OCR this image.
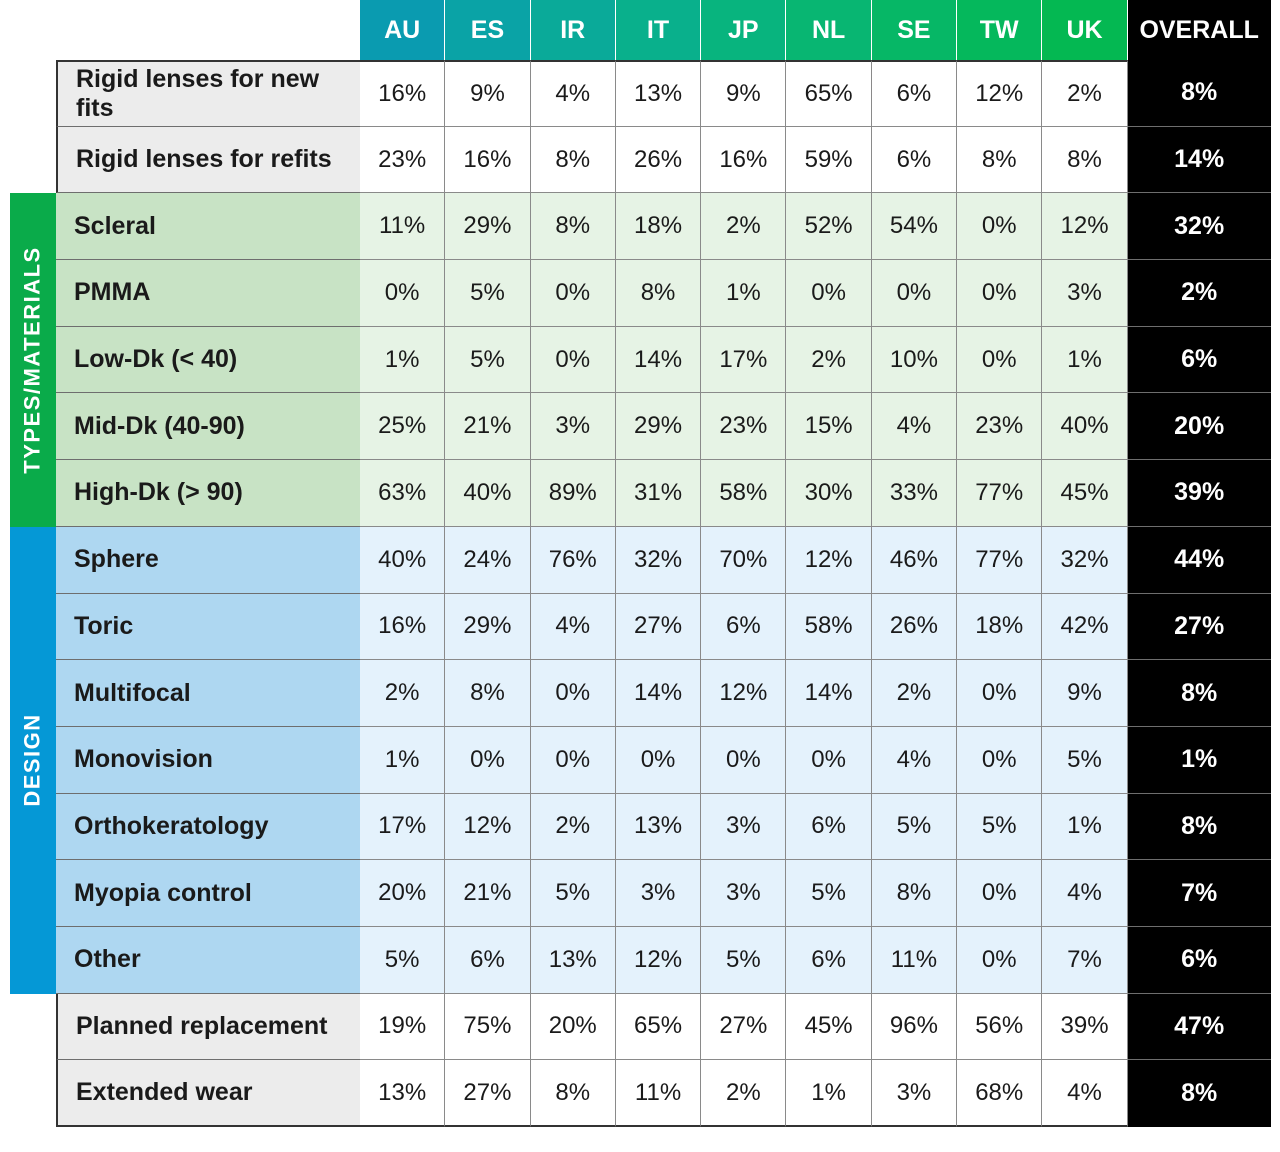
AU	ES	IR	IT	JP	NL	SE	TW	UK	OVERALL
TYPES/MATERIALS
DESIGN
Rigid lenses for new fits
16%	9%	4%	13%	9%	65%	6%	12%	2%	8%
Rigid lenses for refits	23%	16%	8%	26%	16%	59%	6%	8%	8%	14%
Scleral	11%	29%	8%	18%	2%	52%	54%	0%	12%	32%
PMMA	0%	5%	0%	8%	1%	0%	0%	0%	3%	2%
Low-Dk (< 40)	1%	5%	0%	14%	17%	2%	10%	0%	1%	6%
Mid-Dk (40-90)	25%	21%	3%	29%	23%	15%	4%	23%	40%	20%
High-Dk (> 90)	63%	40%	89%	31%	58%	30%	33%	77%	45%	39%
Sphere	40%	24%	76%	32%	70%	12%	46%	77%	32%	44%
Toric	16%	29%	4%	27%	6%	58%	26%	18%	42%	27%
Multifocal	2%	8%	0%	14%	12%	14%	2%	0%	9%	8%
Monovision	1%	0%	0%	0%	0%	0%	4%	0%	5%	1%
Orthokeratology	17%	12%	2%	13%	3%	6%	5%	5%	1%	8%
Myopia control	20%	21%	5%	3%	3%	5%	8%	0%	4%	7%
Other	5%	6%	13%	12%	5%	6%	11%	0%	7%	6%
Planned replacement	19%	75%	20%	65%	27%	45%	96%	56%	39%	47%
Extended wear	13%	27%	8%	11%	2%	1%	3%	68%	4%	8%
